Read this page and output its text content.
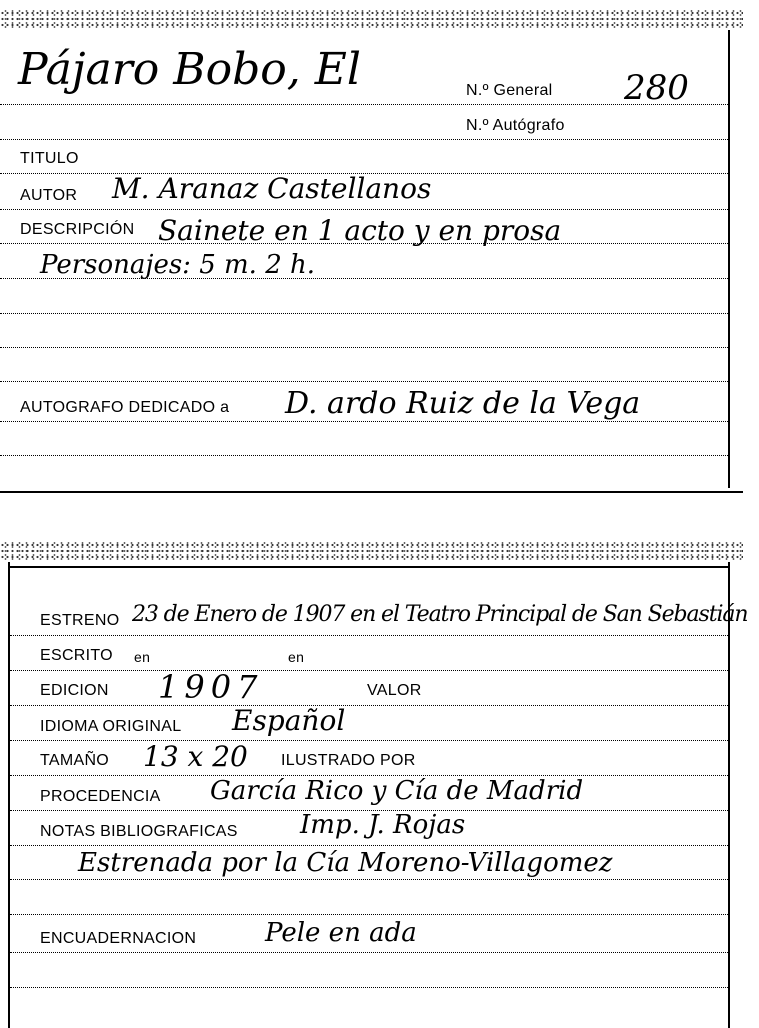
Pájaro Bobo, El	N.º General 280
N.º Autógrafo
TITULO
AUTOR M. Aranaz Castellanos
DESCRIPCIÓN Sainete en 1 acto y en prosa
Personajes: 5 m. 2 h.
AUTOGRAFO DEDICADO a D. ardo Ruiz de la Vega
ESTRENO 23 de Enero de 1907 en el Teatro Principal de San Sebastián
ESCRITO en	en
EDICION 1907	VALOR
IDIOMA ORIGINAL Español
TAMAÑO 13 x 20 ILUSTRADO POR
PROCEDENCIA García Rico y Cía de Madrid
NOTAS BIBLIOGRAFICAS Imp. J. Rojas
Estrenada por la Cía Moreno-Villagomez
ENCUADERNACION	Pele en ada
